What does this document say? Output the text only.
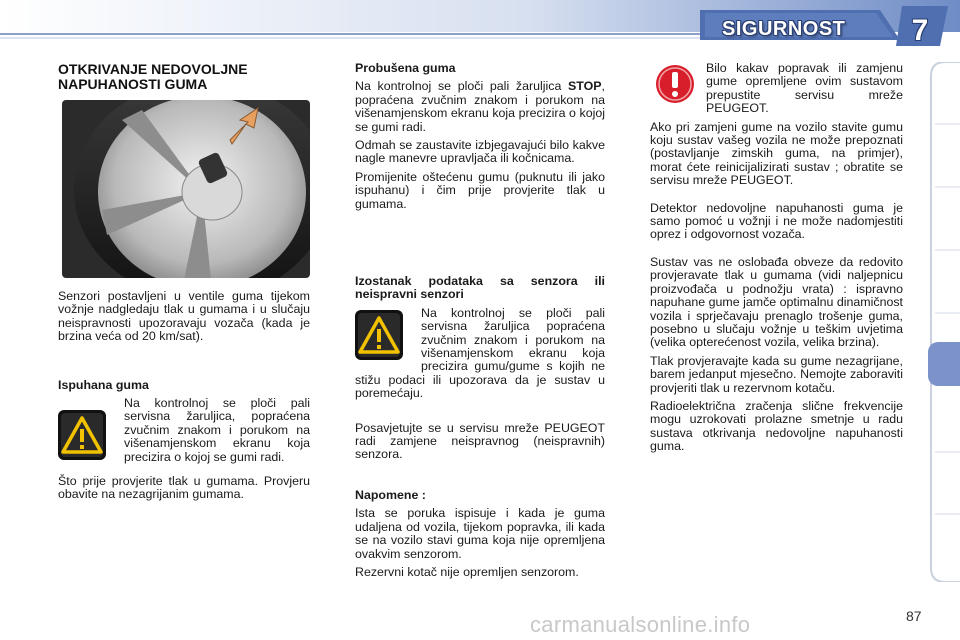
SIGURNOST 7
OTKRIVANJE NEDOVOLJNE
NAPUHANOSTI GUMA

Senzori postavljeni u ventile guma tijekom vožnje nadgledaju tlak u gumama i u slučaju neispravnosti upozoravaju vozača (kada je brzina veća od 20 km/sat).

Ispuhana guma

Na kontrolnoj se ploči pali servisna žaruljica, popraćena zvučnim znakom i porukom na višenamjenskom ekranu koja precizira o kojoj se gumi radi.

Što prije provjerite tlak u gumama. Provjeru obavite na nezagrijanim gumama.

Probušena guma

Na kontrolnoj se ploči pali žaruljica STOP, popraćena zvučnim znakom i porukom na višenamjenskom ekranu koja precizira o kojoj se gumi radi.

Odmah se zaustavite izbjegavajući bilo kakve nagle manevre upravljača ili kočnicama.

Promijenite oštećenu gumu (puknutu ili jako ispuhanu) i čim prije provjerite tlak u gumama.

Izostanak podataka sa senzora ili neispravni senzori

Na kontrolnoj se ploči pali servisna žaruljica popraćena zvučnim znakom i porukom na višenamjenskom ekranu koja precizira gumu/gume s kojih ne stižu podaci ili upozorava da je sustav u poremećaju.

Posavjetujte se u servisu mreže PEUGEOT radi zamjene neispravnog (neispravnih) senzora.

Napomene :

Ista se poruka ispisuje i kada je guma udaljena od vozila, tijekom popravka, ili kada se na vozilo stavi guma koja nije opremljena ovakvim senzorom.

Rezervni kotač nije opremljen senzorom.

Bilo kakav popravak ili zamjenu gume opremljene ovim sustavom prepustite servisu mreže PEUGEOT.

Ako pri zamjeni gume na vozilo stavite gumu koju sustav vašeg vozila ne može prepoznati (postavljanje zimskih guma, na primjer), morat ćete reinicijalizirati sustav ; obratite se servisu mreže PEUGEOT.

Detektor nedovoljne napuhanosti guma je samo pomoć u vožnji i ne može nadomjestiti oprez i odgovornost vozača.

Sustav vas ne oslobađa obveze da redovito provjeravate tlak u gumama (vidi naljepnicu proizvođača u podnožju vrata) : ispravno napuhane gume jamče optimalnu dinamičnost vozila i sprječavaju prenaglo trošenje guma, posebno u slučaju vožnje u teškim uvjetima (velika opterećenost vozila, velika brzina).

Tlak provjeravajte kada su gume nezagrijane, barem jedanput mjesečno. Nemojte zaboraviti provjeriti tlak u rezervnom kotaču.

Radioelektrična zračenja slične frekvencije mogu uzrokovati prolazne smetnje u radu sustava otkrivanja nedovoljne napuhanosti guma.

carmanualsonline.info	87
